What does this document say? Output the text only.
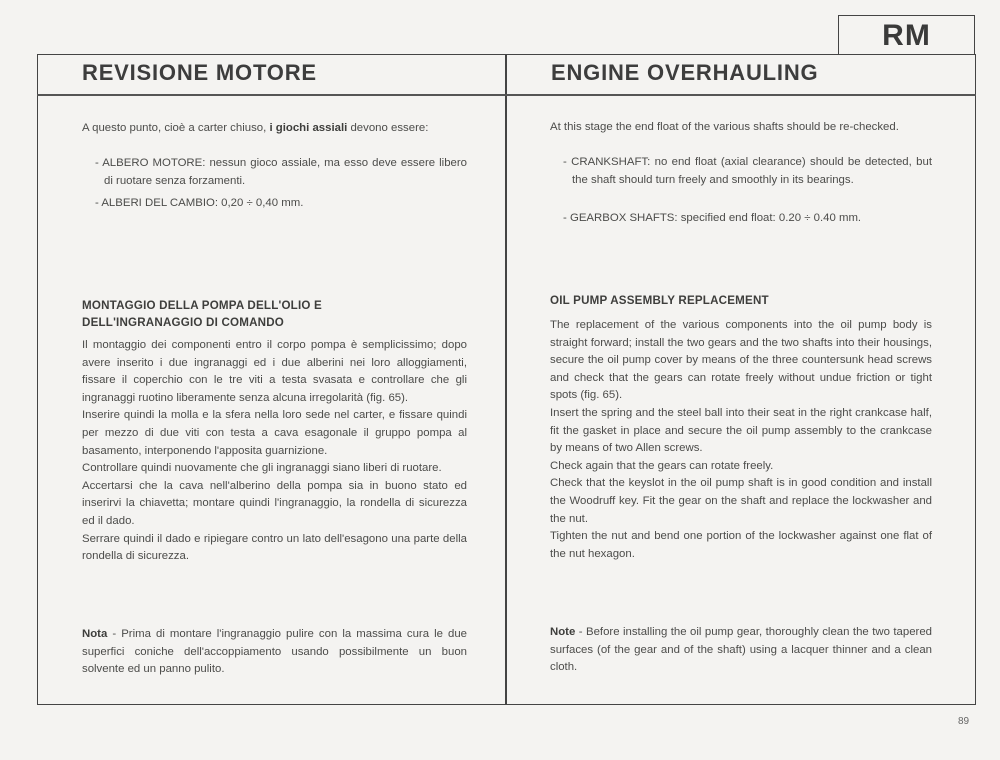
RM
REVISIONE MOTORE	ENGINE OVERHAULING
A questo punto, cioè a carter chiuso, i giochi assiali devono essere:
- ALBERO MOTORE: nessun gioco assiale, ma esso deve essere libero di ruotare senza forzamenti.
- ALBERI DEL CAMBIO: 0,20 ÷ 0,40 mm.
MONTAGGIO DELLA POMPA DELL'OLIO E
DELL'INGRANAGGIO DI COMANDO
Il montaggio dei componenti entro il corpo pompa è semplicissimo; dopo avere inserito i due ingranaggi ed i due alberini nei loro alloggiamenti, fissare il coperchio con le tre viti a testa svasata e controllare che gli ingranaggi ruotino liberamente senza alcuna irregolarità (fig. 65).
Inserire quindi la molla e la sfera nella loro sede nel carter, e fissare quindi per mezzo di due viti con testa a cava esagonale il gruppo pompa al basamento, interponendo l'apposita guarnizione.
Controllare quindi nuovamente che gli ingranaggi siano liberi di ruotare.
Accertarsi che la cava nell'alberino della pompa sia in buono stato ed inserirvi la chiavetta; montare quindi l'ingranaggio, la rondella di sicurezza ed il dado.
Serrare quindi il dado e ripiegare contro un lato dell'esagono una parte della rondella di sicurezza.
Nota - Prima di montare l'ingranaggio pulire con la massima cura le due superfici coniche dell'accoppiamento usando possibilmente un buon solvente ed un panno pulito.
At this stage the end float of the various shafts should be re-checked.
- CRANKSHAFT: no end float (axial clearance) should be detected, but the shaft should turn freely and smoothly in its bearings.
- GEARBOX SHAFTS: specified end float: 0.20 ÷ 0.40 mm.
OIL PUMP ASSEMBLY REPLACEMENT
The replacement of the various components into the oil pump body is straight forward; install the two gears and the two shafts into their housings, secure the oil pump cover by means of the three countersunk head screws and check that the gears can rotate freely without undue friction or tight spots (fig. 65).
Insert the spring and the steel ball into their seat in the right crankcase half, fit the gasket in place and secure the oil pump assembly to the crankcase by means of two Allen screws.
Check again that the gears can rotate freely.
Check that the keyslot in the oil pump shaft is in good condition and install the Woodruff key. Fit the gear on the shaft and replace the lockwasher and the nut.
Tighten the nut and bend one portion of the lockwasher against one flat of the nut hexagon.
Note - Before installing the oil pump gear, thoroughly clean the two tapered surfaces (of the gear and of the shaft) using a lacquer thinner and a clean cloth.
89
